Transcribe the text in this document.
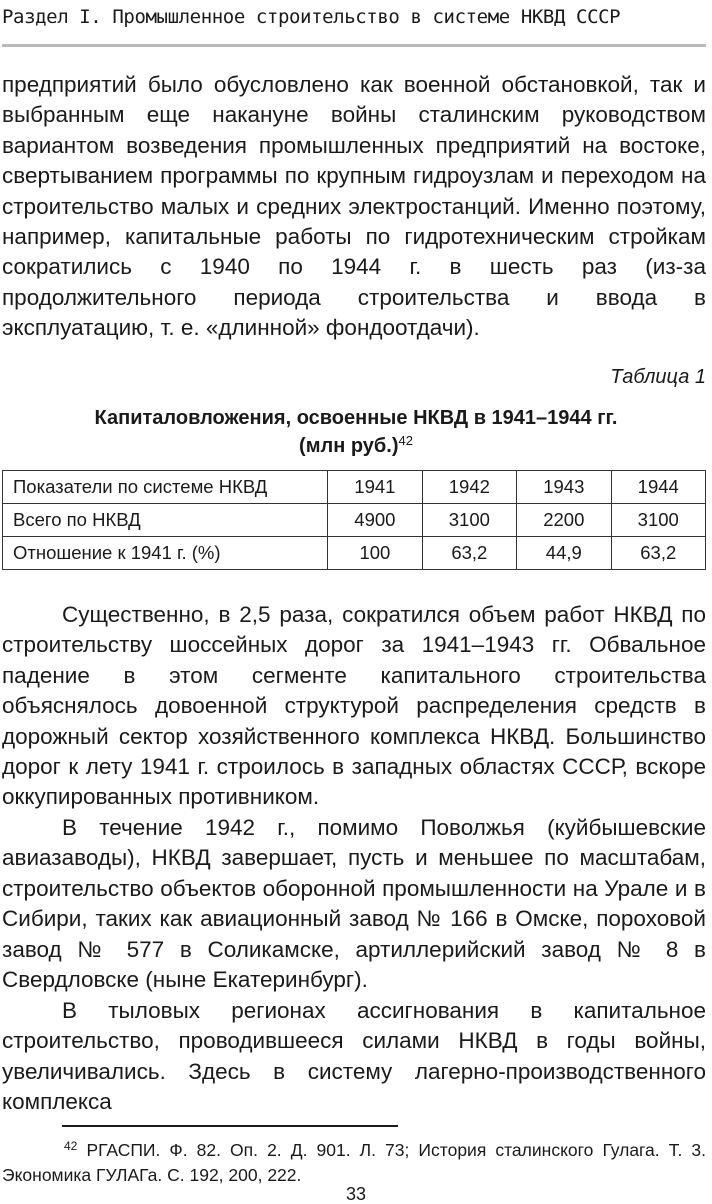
Раздел I. Промышленное строительство в системе НКВД СССР

предприятий было обусловлено как военной обстановкой, так и выбранным еще накануне войны сталинским руководством вариантом возведения промышленных предприятий на востоке, свертыванием программы по крупным гидроузлам и переходом на строительство малых и средних электростанций. Именно поэтому, например, капитальные работы по гидротехническим стройкам сократились с 1940 по 1944 г. в шесть раз (из-за продолжительного периода строительства и ввода в эксплуатацию, т. е. «длинной» фондоотдачи).

Таблица 1
Капиталовложения, освоенные НКВД в 1941–1944 гг.
(млн руб.)$^{42}$
Показатели по системе НКВД	1941	1942	1943	1944
Всего по НКВД	4900	3100	2200	3100
Отношение к 1941 г. (%)	100	63,2	44,9	63,2

Существенно, в 2,5 раза, сократился объем работ НКВД по строительству шоссейных дорог за 1941–1943 гг. Обвальное падение в этом сегменте капитального строительства объяснялось довоенной структурой распределения средств в дорожный сектор хозяйственного комплекса НКВД. Большинство дорог к лету 1941 г. строилось в западных областях СССР, вскоре оккупированных противником.

В течение 1942 г., помимо Поволжья (куйбышевские авиазаводы), НКВД завершает, пусть и меньшее по масштабам, строительство объектов оборонной промышленности на Урале и в Сибири, таких как авиационный завод № 166 в Омске, пороховой завод № 577 в Соликамске, артиллерийский завод № 8 в Свердловске (ныне Екатеринбург).

В тыловых регионах ассигнования в капитальное строительство, проводившееся силами НКВД в годы войны, увеличивались. Здесь в систему лагерно-производственного комплекса

$^{42}$ РГАСПИ. Ф. 82. Оп. 2. Д. 901. Л. 73; История сталинского Гулага. Т. 3. Экономика ГУЛАГа. С. 192, 200, 222.

33
